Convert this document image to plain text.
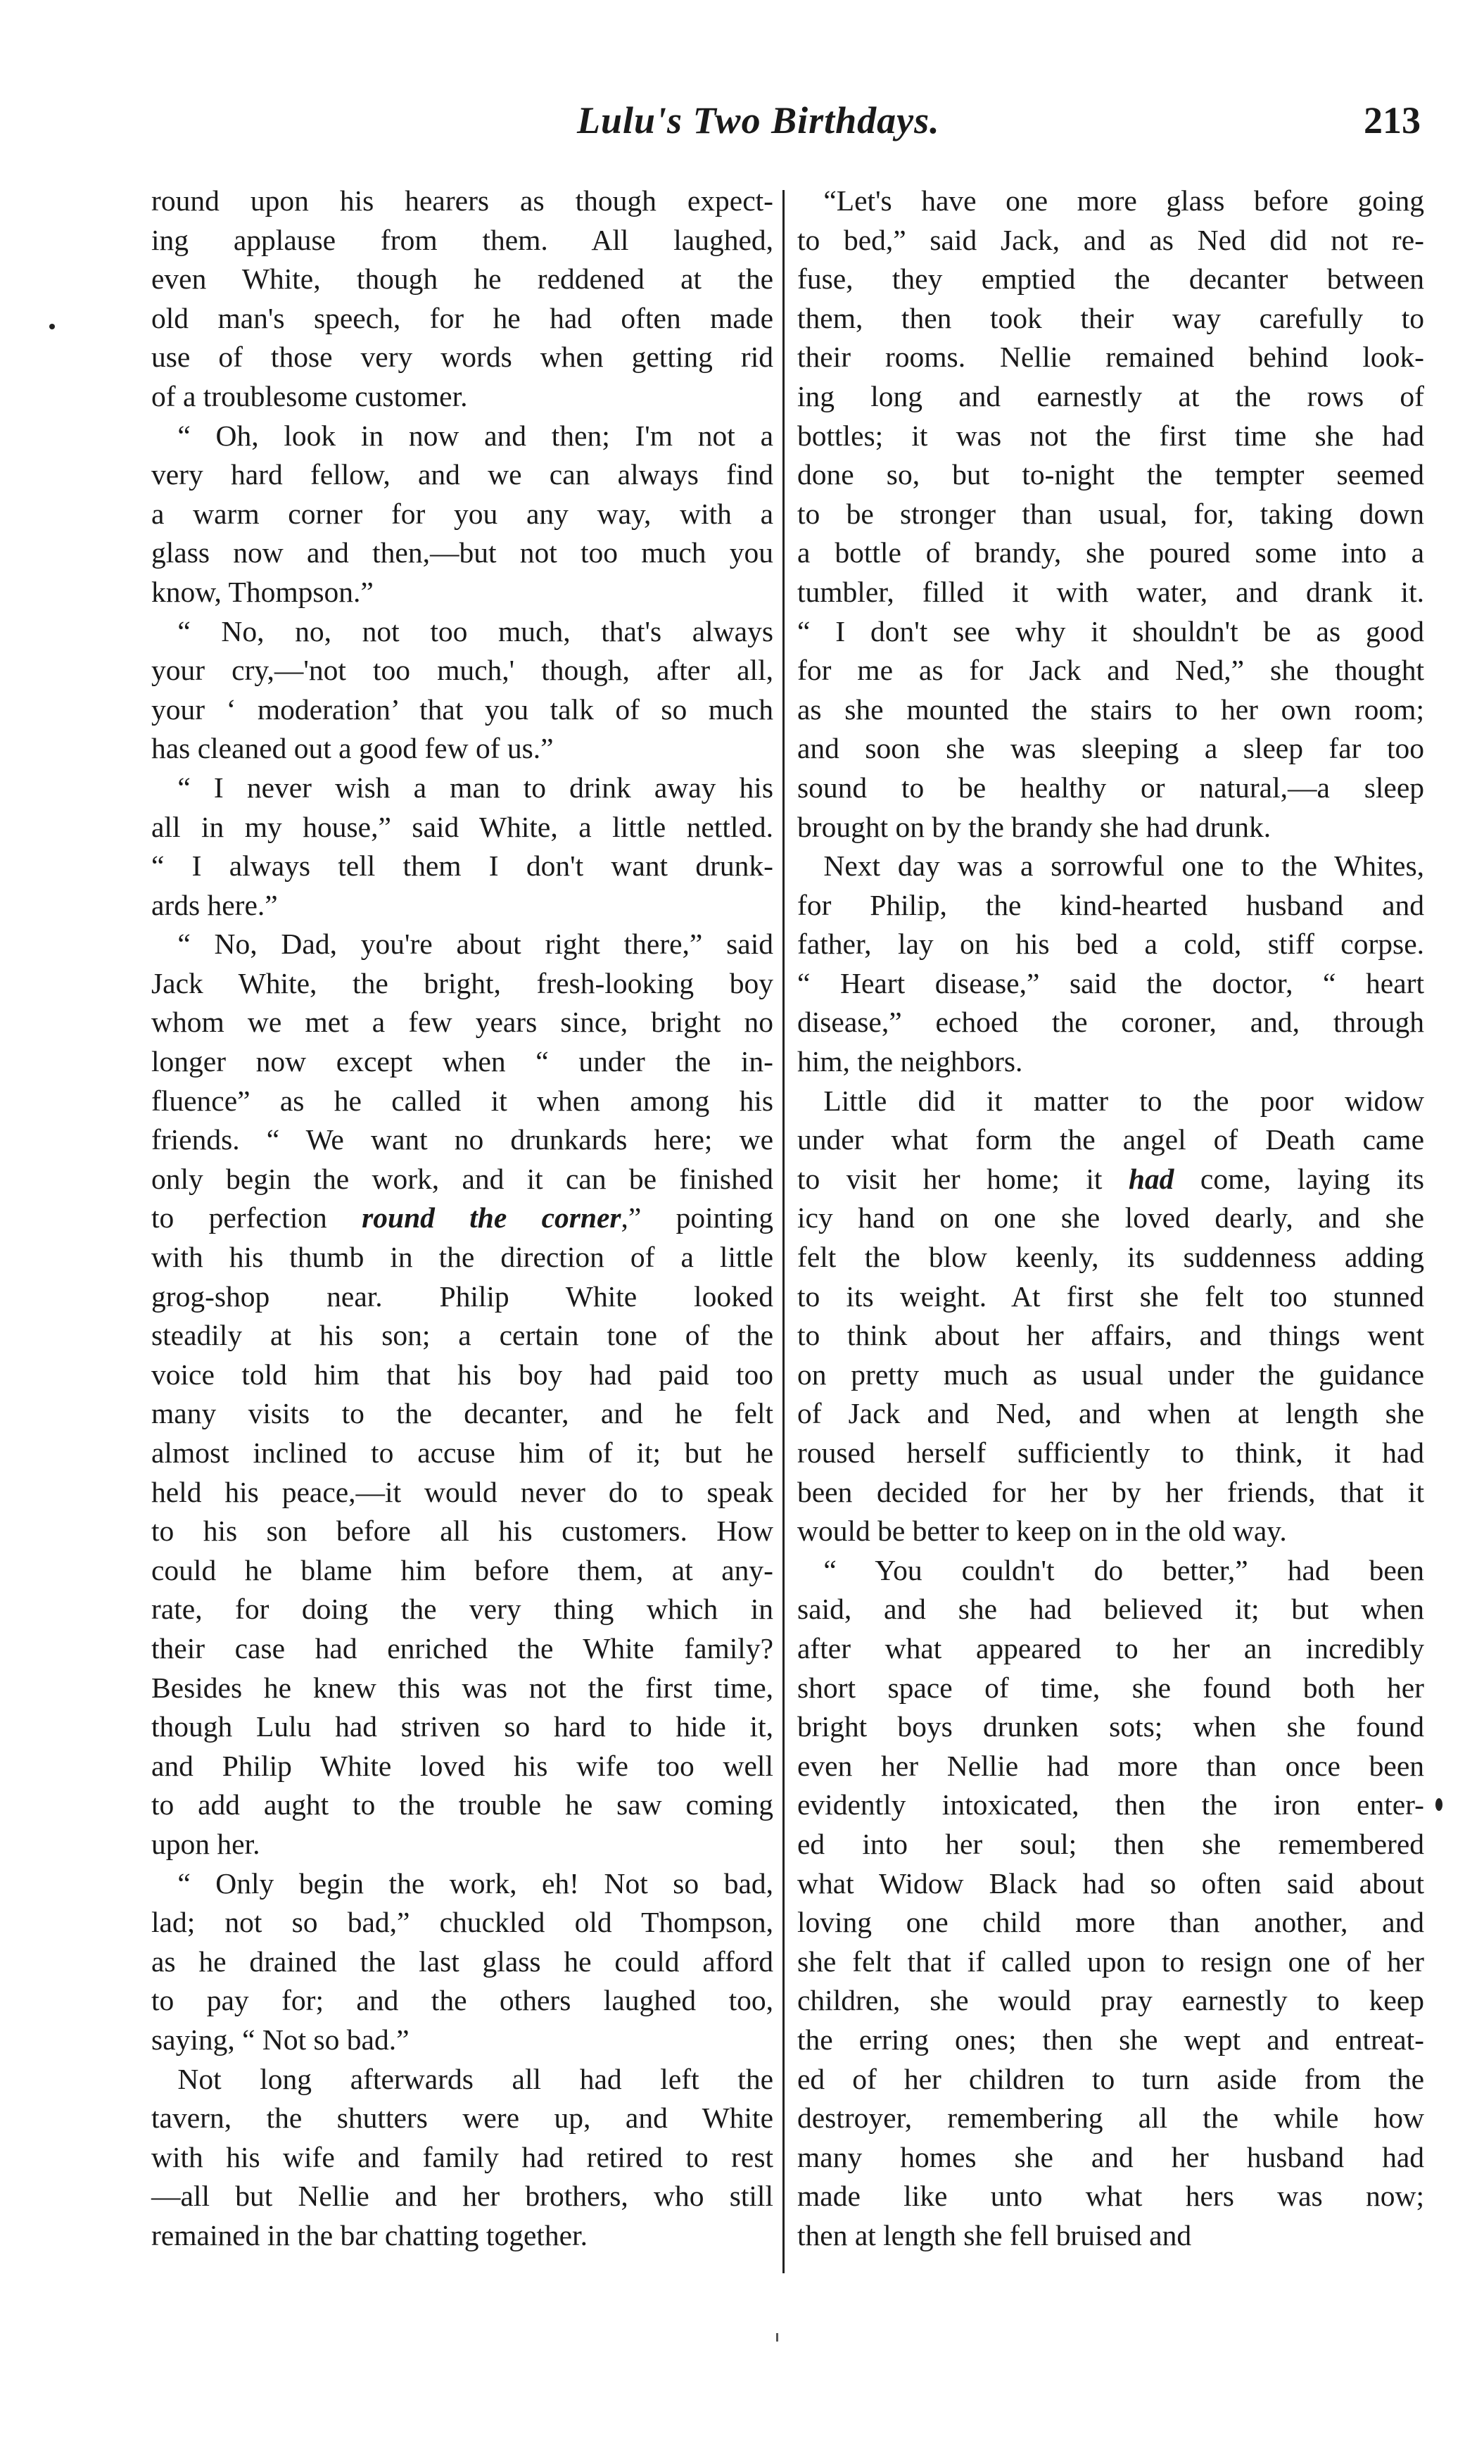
Lulu's Two Birthdays.	213
round upon his hearers as though expect-
ing applause from them. All laughed,
even White, though he reddened at the
old man's speech, for he had often made
use of those very words when getting rid
of a troublesome customer.
“ Oh, look in now and then; I'm not a
very hard fellow, and we can always find
a warm corner for you any way, with a
glass now and then,—but not too much you
know, Thompson.”
“ No, no, not too much, that's always
your cry,—'not too much,' though, after all,
your ‘ moderation’ that you talk of so much
has cleaned out a good few of us.”
“ I never wish a man to drink away his
all in my house,” said White, a little nettled.
“ I always tell them I don't want drunk-
ards here.”
“ No, Dad, you're about right there,” said
Jack White, the bright, fresh-looking boy
whom we met a few years since, bright no
longer now except when “ under the in-
fluence” as he called it when among his
friends. “ We want no drunkards here; we
only begin the work, and it can be finished
to perfection round the corner,” pointing
with his thumb in the direction of a little
grog-shop near. Philip White looked
steadily at his son; a certain tone of the
voice told him that his boy had paid too
many visits to the decanter, and he felt
almost inclined to accuse him of it; but he
held his peace,—it would never do to speak
to his son before all his customers. How
could he blame him before them, at any-
rate, for doing the very thing which in
their case had enriched the White family?
Besides he knew this was not the first time,
though Lulu had striven so hard to hide it,
and Philip White loved his wife too well
to add aught to the trouble he saw coming
upon her.
“ Only begin the work, eh! Not so bad,
lad; not so bad,” chuckled old Thompson,
as he drained the last glass he could afford
to pay for; and the others laughed too,
saying, “ Not so bad.”
Not long afterwards all had left the
tavern, the shutters were up, and White
with his wife and family had retired to rest
—all but Nellie and her brothers, who still
remained in the bar chatting together.
“Let's have one more glass before going
to bed,” said Jack, and as Ned did not re-
fuse, they emptied the decanter between
them, then took their way carefully to
their rooms. Nellie remained behind look-
ing long and earnestly at the rows of
bottles; it was not the first time she had
done so, but to-night the tempter seemed
to be stronger than usual, for, taking down
a bottle of brandy, she poured some into a
tumbler, filled it with water, and drank it.
“ I don't see why it shouldn't be as good
for me as for Jack and Ned,” she thought
as she mounted the stairs to her own room;
and soon she was sleeping a sleep far too
sound to be healthy or natural,—a sleep
brought on by the brandy she had drunk.
Next day was a sorrowful one to the Whites,
for Philip, the kind-hearted husband and
father, lay on his bed a cold, stiff corpse.
“ Heart disease,” said the doctor, “ heart
disease,” echoed the coroner, and, through
him, the neighbors.
Little did it matter to the poor widow
under what form the angel of Death came
to visit her home; it had come, laying its
icy hand on one she loved dearly, and she
felt the blow keenly, its suddenness adding
to its weight. At first she felt too stunned
to think about her affairs, and things went
on pretty much as usual under the guidance
of Jack and Ned, and when at length she
roused herself sufficiently to think, it had
been decided for her by her friends, that it
would be better to keep on in the old way.
“ You couldn't do better,” had been
said, and she had believed it; but when
after what appeared to her an incredibly
short space of time, she found both her
bright boys drunken sots; when she found
even her Nellie had more than once been
evidently intoxicated, then the iron enter-
ed into her soul; then she remembered
what Widow Black had so often said about
loving one child more than another, and
she felt that if called upon to resign one of her
children, she would pray earnestly to keep
the erring ones; then she wept and entreat-
ed of her children to turn aside from the
destroyer, remembering all the while how
many homes she and her husband had
made like unto what hers was now;
then at length she fell bruised and
